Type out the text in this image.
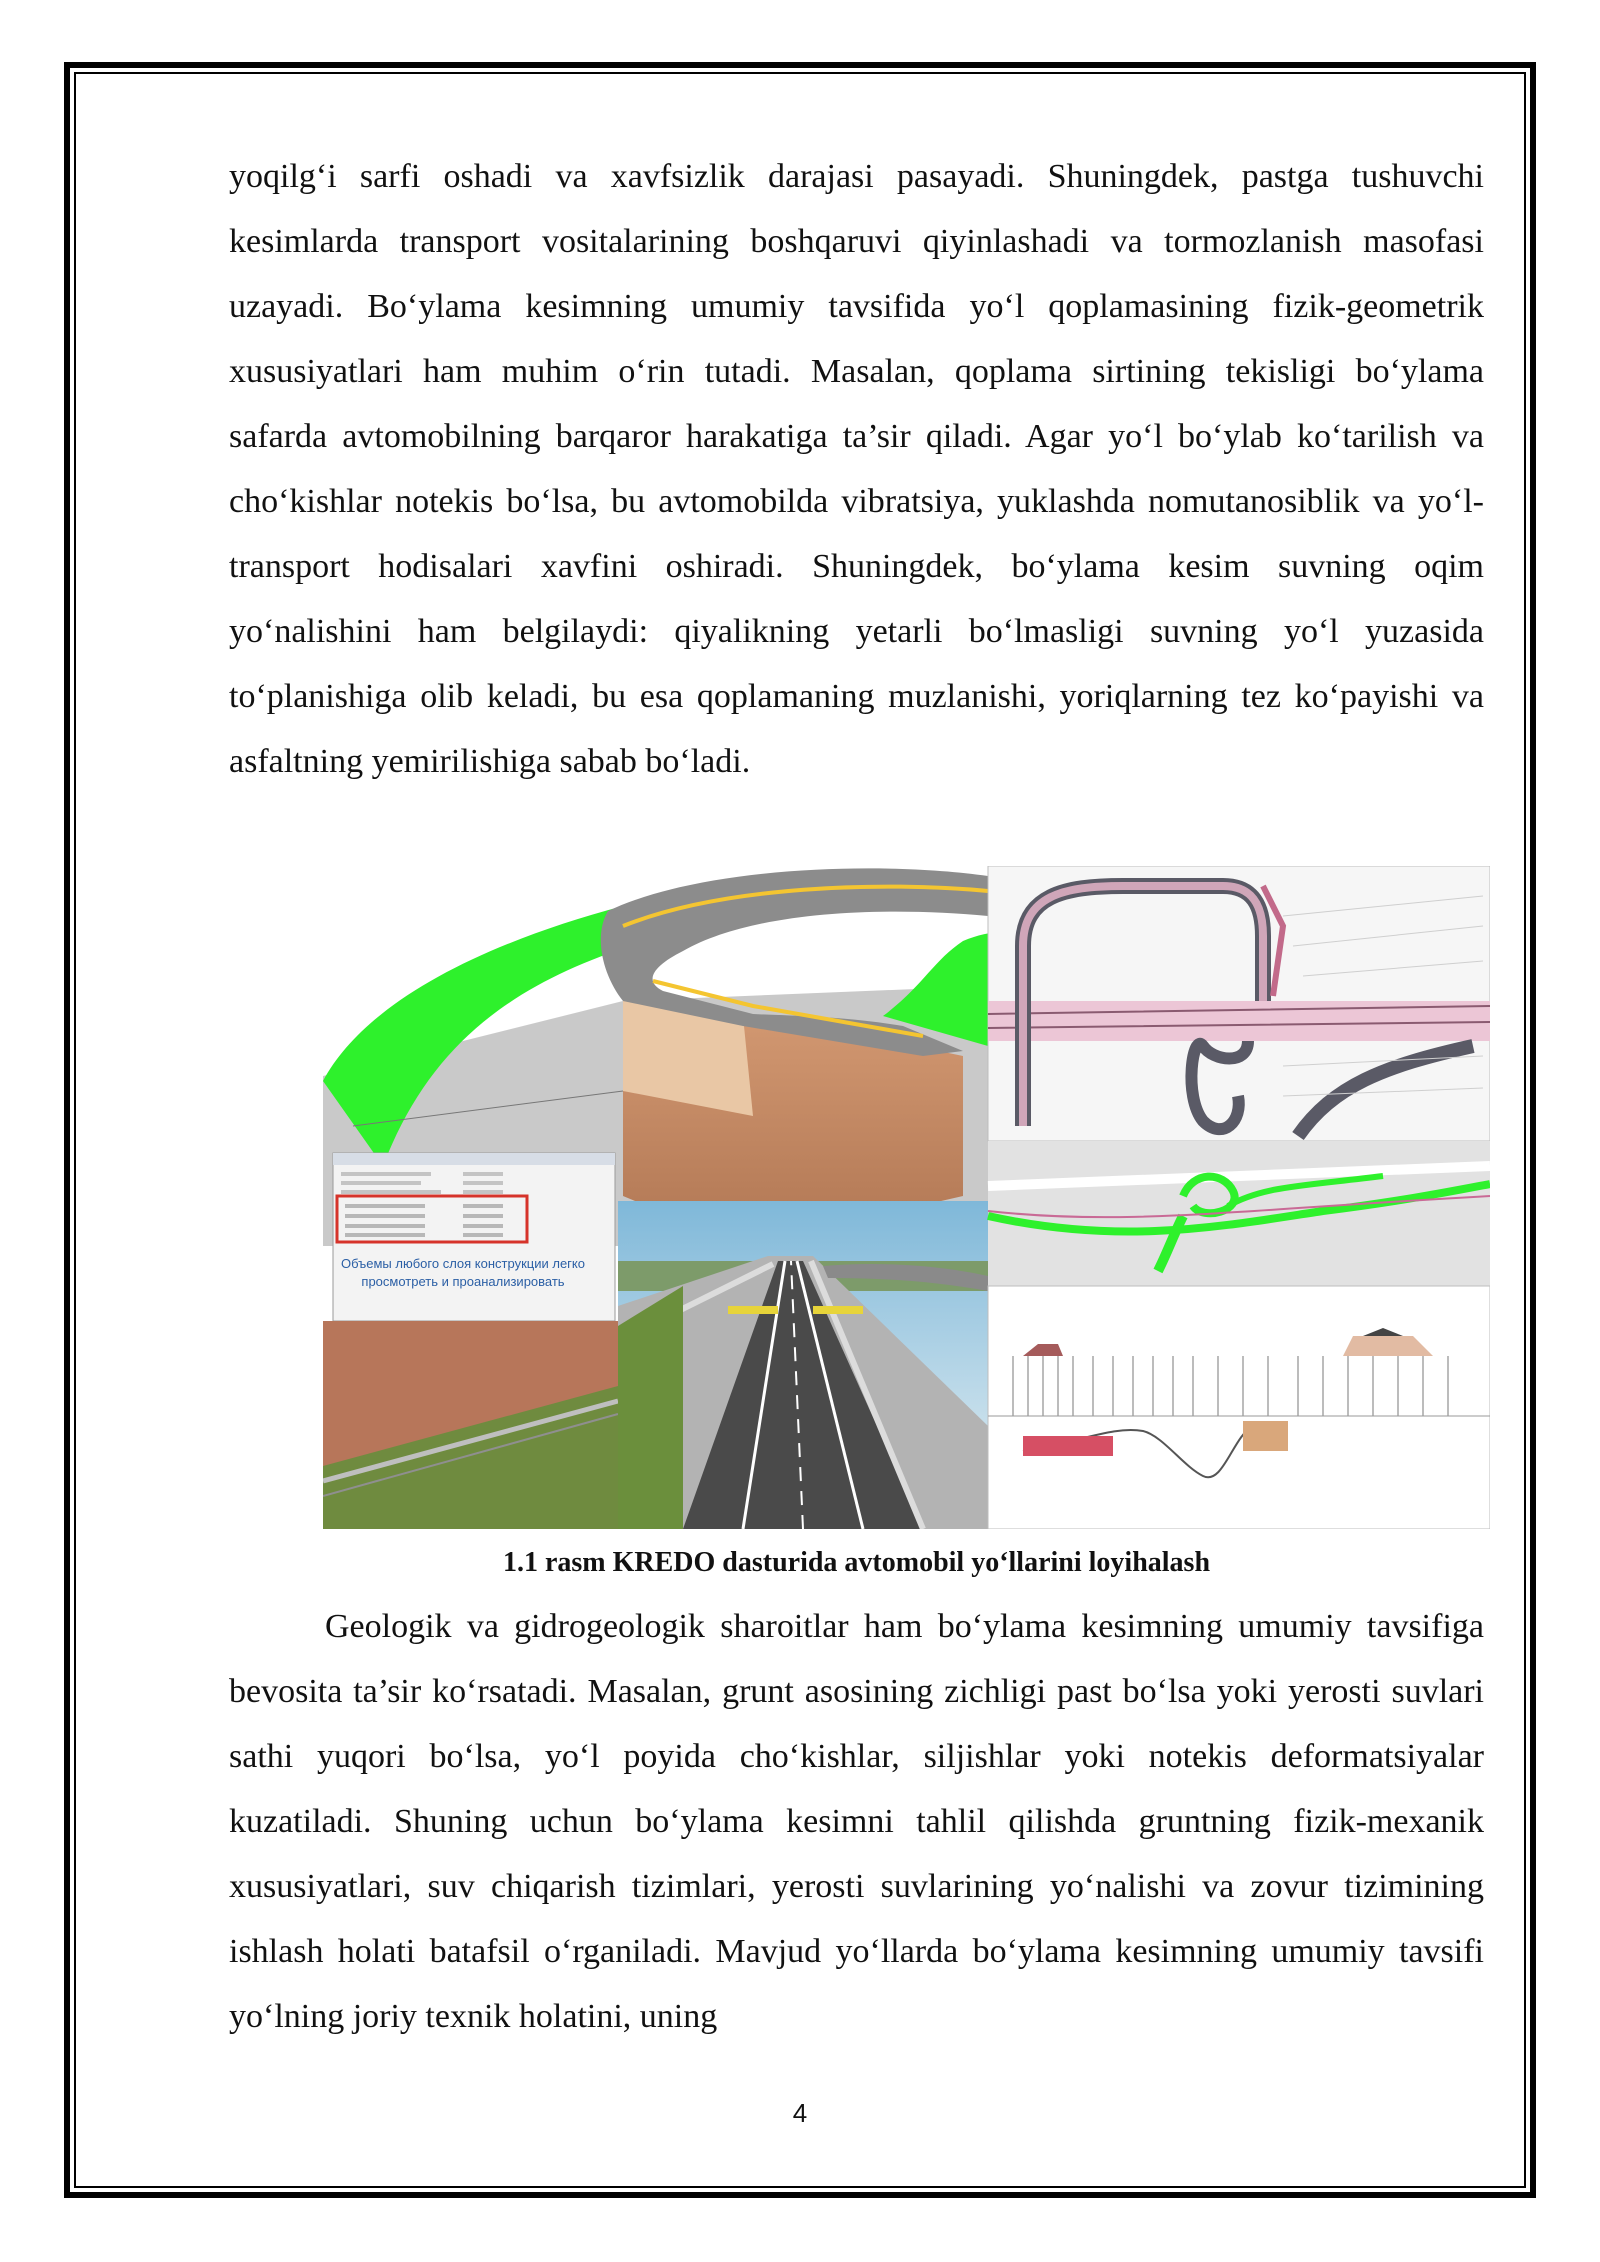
yoqilg‘i sarfi oshadi va xavfsizlik darajasi pasayadi. Shuningdek, pastga tushuvchi kesimlarda transport vositalarining boshqaruvi qiyinlashadi va tormozlanish masofasi uzayadi. Bo‘ylama kesimning umumiy tavsifida yo‘l qoplamasining fizik-geometrik xususiyatlari ham muhim o‘rin tutadi. Masalan, qoplama sirtining tekisligi bo‘ylama safarda avtomobilning barqaror harakatiga ta’sir qiladi. Agar yo‘l bo‘ylab ko‘tarilish va cho‘kishlar notekis bo‘lsa, bu avtomobilda vibratsiya, yuklashda nomutanosiblik va yo‘l-transport hodisalari xavfini oshiradi. Shuningdek, bo‘ylama kesim suvning oqim yo‘nalishini ham belgilaydi: qiyalikning yetarli bo‘lmasligi suvning yo‘l yuzasida to‘planishiga olib keladi, bu esa qoplamaning muzlanishi, yoriqlarning tez ko‘payishi va asfaltning yemirilishiga sabab bo‘ladi.

Объемы любого слоя конструкции легко
просмотреть и проанализировать

1.1 rasm KREDO dasturida avtomobil yo‘llarini loyihalash

Geologik va gidrogeologik sharoitlar ham bo‘ylama kesimning umumiy tavsifiga bevosita ta’sir ko‘rsatadi. Masalan, grunt asosining zichligi past bo‘lsa yoki yerosti suvlari sathi yuqori bo‘lsa, yo‘l poyida cho‘kishlar, siljishlar yoki notekis deformatsiyalar kuzatiladi. Shuning uchun bo‘ylama kesimni tahlil qilishda gruntning fizik-mexanik xususiyatlari, suv chiqarish tizimlari, yerosti suvlarining yo‘nalishi va zovur tizimining ishlash holati batafsil o‘rganiladi. Mavjud yo‘llarda bo‘ylama kesimning umumiy tavsifi yo‘lning joriy texnik holatini, uning

4
